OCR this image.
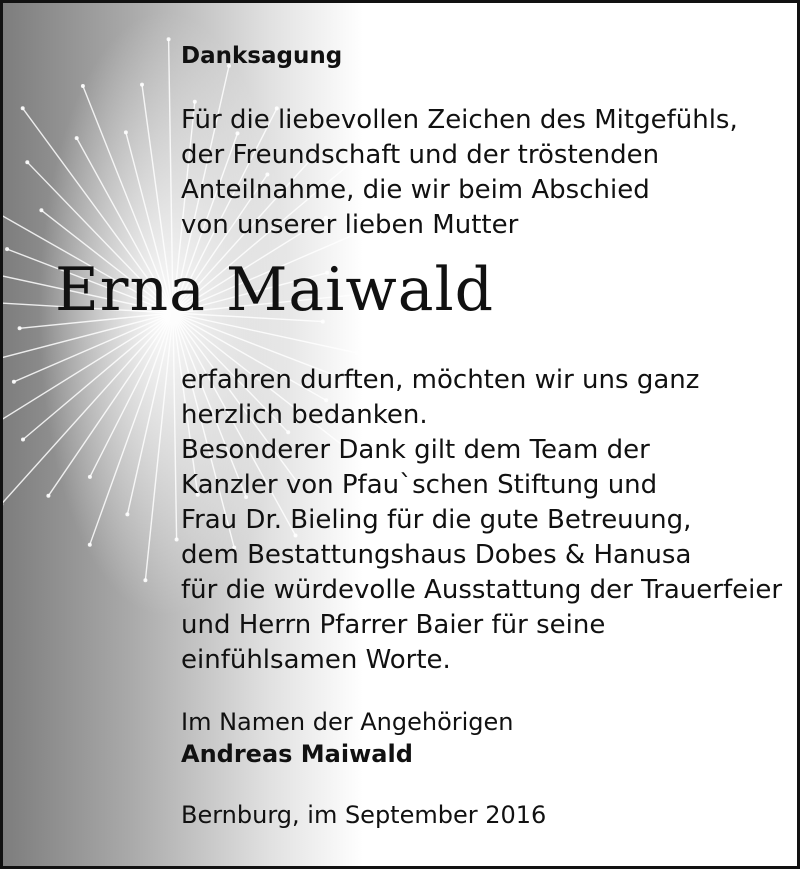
Danksagung
Für die liebevollen Zeichen des Mitgefühls,
der Freundschaft und der tröstenden
Anteilnahme, die wir beim Abschied
von unserer lieben Mutter
Erna Maiwald
erfahren durften, möchten wir uns ganz
herzlich bedanken.
Besonderer Dank gilt dem Team der
Kanzler von Pfau`schen Stiftung und
Frau Dr. Bieling für die gute Betreuung,
dem Bestattungshaus Dobes & Hanusa
für die würdevolle Ausstattung der Trauerfeier
und Herrn Pfarrer Baier für seine
einfühlsamen Worte.
Im Namen der Angehörigen
Andreas Maiwald
Bernburg, im September 2016
